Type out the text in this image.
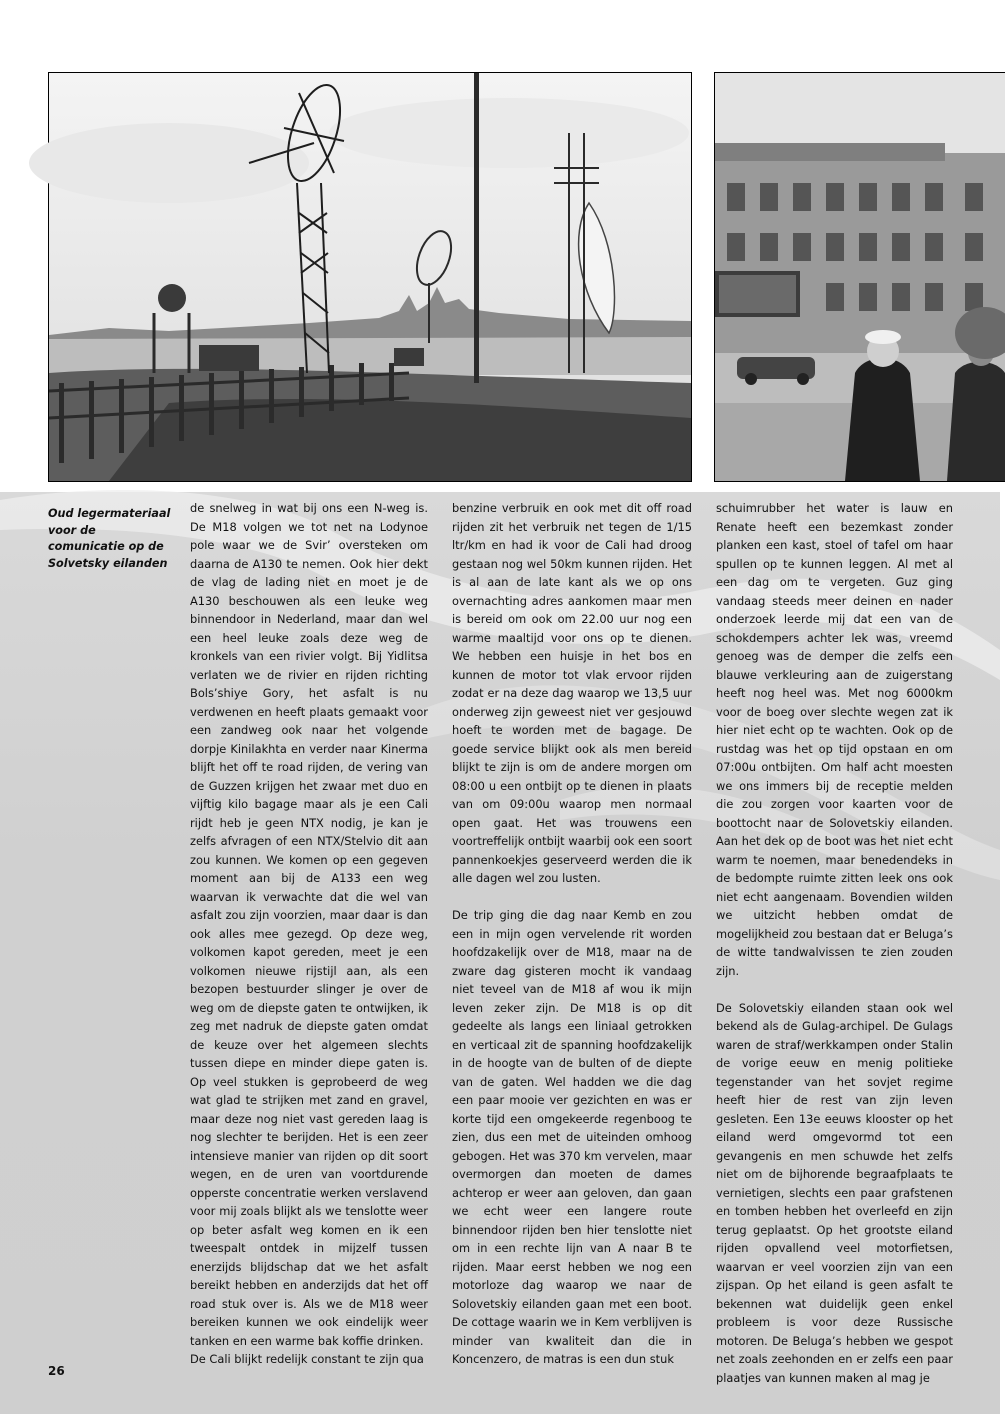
Oud legermateriaal voor de comunicatie op de Solvetsky eilanden

de snelweg in wat bij ons een N-weg is. De M18 volgen we tot net na Lodynoe pole waar we de Svir’ oversteken om daarna de A130 te nemen. Ook hier dekt de vlag de lading niet en moet je de A130 beschouwen als een leuke weg binnendoor in Nederland, maar dan wel een heel leuke zoals deze weg de kronkels van een rivier volgt. Bij Yidlitsa verlaten we de rivier en rijden richting Bols’shiye Gory, het asfalt is nu verdwenen en heeft plaats gemaakt voor een zandweg ook naar het volgende dorpje Kinilakhta en verder naar Kinerma blijft het off te road rijden, de vering van de Guzzen krijgen het zwaar met duo en vijftig kilo bagage maar als je een Cali rijdt heb je geen NTX nodig, je kan je zelfs afvragen of een NTX/Stelvio dit aan zou kunnen. We komen op een gegeven moment aan bij de A133 een weg waarvan ik verwachte dat die wel van asfalt zou zijn voorzien, maar daar is dan ook alles mee gezegd. Op deze weg, volkomen kapot gereden, meet je een volkomen nieuwe rijstijl aan, als een bezopen bestuurder slinger je over de weg om de diepste gaten te ontwijken, ik zeg met nadruk de diepste gaten omdat de keuze over het algemeen slechts tussen diepe en minder diepe gaten is. Op veel stukken is geprobeerd de weg wat glad te strijken met zand en gravel, maar deze nog niet vast gereden laag is nog slechter te berijden. Het is een zeer intensieve manier van rijden op dit soort wegen, en de uren van voortdurende opperste concentratie werken verslavend voor mij zoals blijkt als we tenslotte weer op beter asfalt weg komen en ik een tweespalt ontdek in mijzelf tussen enerzijds blijdschap dat we het asfalt bereikt hebben en anderzijds dat het off road stuk over is. Als we de M18 weer bereiken kunnen we ook eindelijk weer tanken en een warme bak koffie drinken.

De Cali blijkt redelijk constant te zijn qua

benzine verbruik en ook met dit off road rijden zit het verbruik net tegen de 1/15 ltr/km en had ik voor de Cali had droog gestaan nog wel 50km kunnen rijden. Het is al aan de late kant als we op ons overnachting adres aankomen maar men is bereid om ook om 22.00 uur nog een warme maaltijd voor ons op te dienen. We hebben een huisje in het bos en kunnen de motor tot vlak ervoor rijden zodat er na deze dag waarop we 13,5 uur onderweg zijn geweest niet ver gesjouwd hoeft te worden met de bagage. De goede service blijkt ook als men bereid blijkt te zijn is om de andere morgen om 08:00 u een ontbijt op te dienen in plaats van om 09:00u waarop men normaal open gaat. Het was trouwens een voortreffelijk ontbijt waarbij ook een soort pannenkoekjes geserveerd werden die ik alle dagen wel zou lusten.

De trip ging die dag naar Kemb en zou een in mijn ogen vervelende rit worden hoofdzakelijk over de M18, maar na de zware dag gisteren mocht ik vandaag niet teveel van de M18 af wou ik mijn leven zeker zijn. De M18 is op dit gedeelte als langs een liniaal getrokken en verticaal zit de spanning hoofdzakelijk in de hoogte van de bulten of de diepte van de gaten. Wel hadden we die dag een paar mooie ver gezichten en was er korte tijd een omgekeerde regenboog te zien, dus een met de uiteinden omhoog gebogen. Het was 370 km vervelen, maar overmorgen dan moeten de dames achterop er weer aan geloven, dan gaan we echt weer een langere route binnendoor rijden ben hier tenslotte niet om in een rechte lijn van A naar B te rijden. Maar eerst hebben we nog een motorloze dag waarop we naar de Solovetskiy eilanden gaan met een boot. De cottage waarin we in Kem verblijven is minder van kwaliteit dan die in Koncenzero, de matras is een dun stuk

schuimrubber het water is lauw en Renate heeft een bezemkast zonder planken een kast, stoel of tafel om haar spullen op te kunnen leggen. Al met al een dag om te vergeten. Guz ging vandaag steeds meer deinen en nader onderzoek leerde mij dat een van de schokdempers achter lek was, vreemd genoeg was de demper die zelfs een blauwe verkleuring aan de zuigerstang heeft nog heel was. Met nog 6000km voor de boeg over slechte wegen zat ik hier niet echt op te wachten. Ook op de rustdag was het op tijd opstaan en om 07:00u ontbijten. Om half acht moesten we ons immers bij de receptie melden die zou zorgen voor kaarten voor de boottocht naar de Solovetskiy eilanden. Aan het dek op de boot was het niet echt warm te noemen, maar benedendeks in de bedompte ruimte zitten leek ons ook niet echt aangenaam. Bovendien wilden we uitzicht hebben omdat de mogelijkheid zou bestaan dat er Beluga’s de witte tandwalvissen te zien zouden zijn.

De Solovetskiy eilanden staan ook wel bekend als de Gulag-archipel. De Gulags waren de straf/werkkampen onder Stalin de vorige eeuw en menig politieke tegenstander van het sovjet regime heeft hier de rest van zijn leven gesleten. Een 13e eeuws klooster op het eiland werd omgevormd tot een gevangenis en men schuwde het zelfs niet om de bijhorende begraafplaats te vernietigen, slechts een paar grafstenen en tomben hebben het overleefd en zijn terug geplaatst. Op het grootste eiland rijden opvallend veel motorfietsen, waarvan er veel voorzien zijn van een zijspan. Op het eiland is geen asfalt te bekennen wat duidelijk geen enkel probleem is voor deze Russische motoren. De Beluga’s hebben we gespot net zoals zeehonden en er zelfs een paar plaatjes van kunnen maken al mag je

26
